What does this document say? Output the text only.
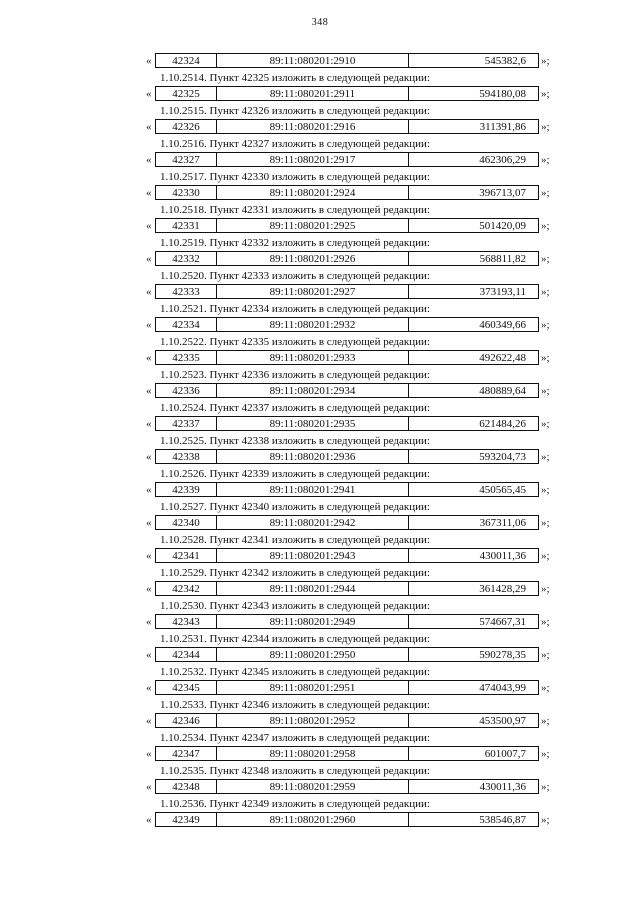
348
«	42324	89:11:080201:2910	545382,6	»;
1.10.2514. Пункт 42325 изложить в следующей редакции:
«	42325	89:11:080201:2911	594180,08	»;
1.10.2515. Пункт 42326 изложить в следующей редакции:
«	42326	89:11:080201:2916	311391,86	»;
1.10.2516. Пункт 42327 изложить в следующей редакции:
«	42327	89:11:080201:2917	462306,29	»;
1.10.2517. Пункт 42330 изложить в следующей редакции:
«	42330	89:11:080201:2924	396713,07	»;
1.10.2518. Пункт 42331 изложить в следующей редакции:
«	42331	89:11:080201:2925	501420,09	»;
1.10.2519. Пункт 42332 изложить в следующей редакции:
«	42332	89:11:080201:2926	568811,82	»;
1.10.2520. Пункт 42333 изложить в следующей редакции:
«	42333	89:11:080201:2927	373193,11	»;
1.10.2521. Пункт 42334 изложить в следующей редакции:
«	42334	89:11:080201:2932	460349,66	»;
1.10.2522. Пункт 42335 изложить в следующей редакции:
«	42335	89:11:080201:2933	492622,48	»;
1.10.2523. Пункт 42336 изложить в следующей редакции:
«	42336	89:11:080201:2934	480889,64	»;
1.10.2524. Пункт 42337 изложить в следующей редакции:
«	42337	89:11:080201:2935	621484,26	»;
1.10.2525. Пункт 42338 изложить в следующей редакции:
«	42338	89:11:080201:2936	593204,73	»;
1.10.2526. Пункт 42339 изложить в следующей редакции:
«	42339	89:11:080201:2941	450565,45	»;
1.10.2527. Пункт 42340 изложить в следующей редакции:
«	42340	89:11:080201:2942	367311,06	»;
1.10.2528. Пункт 42341 изложить в следующей редакции:
«	42341	89:11:080201:2943	430011,36	»;
1.10.2529. Пункт 42342 изложить в следующей редакции:
«	42342	89:11:080201:2944	361428,29	»;
1.10.2530. Пункт 42343 изложить в следующей редакции:
«	42343	89:11:080201:2949	574667,31	»;
1.10.2531. Пункт 42344 изложить в следующей редакции:
«	42344	89:11:080201:2950	590278,35	»;
1.10.2532. Пункт 42345 изложить в следующей редакции:
«	42345	89:11:080201:2951	474043,99	»;
1.10.2533. Пункт 42346 изложить в следующей редакции:
«	42346	89:11:080201:2952	453500,97	»;
1.10.2534. Пункт 42347 изложить в следующей редакции:
«	42347	89:11:080201:2958	601007,7	»;
1.10.2535. Пункт 42348 изложить в следующей редакции:
«	42348	89:11:080201:2959	430011,36	»;
1.10.2536. Пункт 42349 изложить в следующей редакции:
«	42349	89:11:080201:2960	538546,87	»;
